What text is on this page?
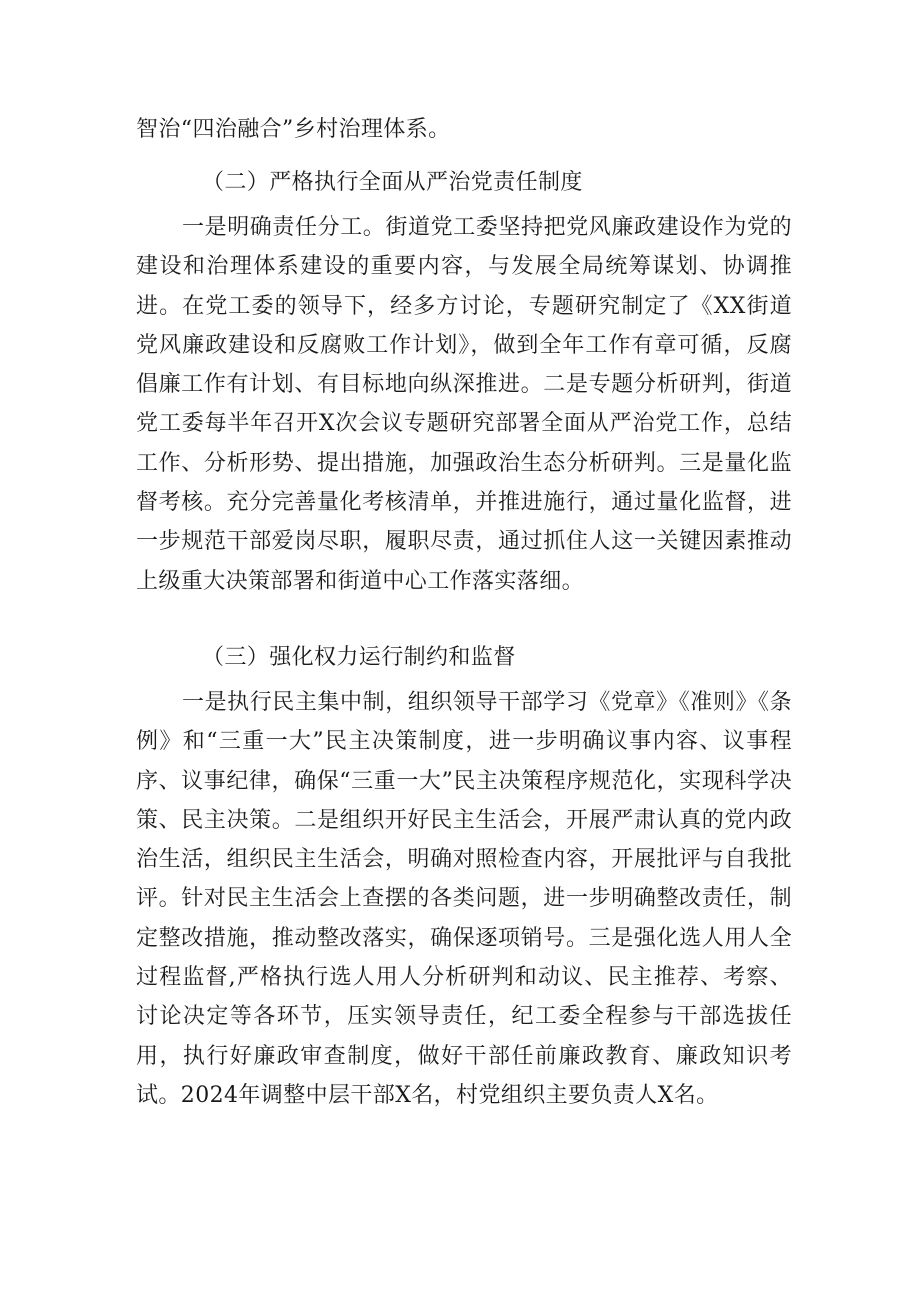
智治“四治融合”乡村治理体系。

（二）严格执行全面从严治党责任制度

一是明确责任分工。街道党工委坚持把党风廉政建设作为党的建设和治理体系建设的重要内容，与发展全局统筹谋划、协调推进。在党工委的领导下，经多方讨论，专题研究制定了《XX街道党风廉政建设和反腐败工作计划》，做到全年工作有章可循，反腐倡廉工作有计划、有目标地向纵深推进。二是专题分析研判，街道党工委每半年召开X次会议专题研究部署全面从严治党工作，总结工作、分析形势、提出措施，加强政治生态分析研判。三是量化监督考核。充分完善量化考核清单，并推进施行，通过量化监督，进一步规范干部爱岗尽职，履职尽责，通过抓住人这一关键因素推动上级重大决策部署和街道中心工作落实落细。

（三）强化权力运行制约和监督

一是执行民主集中制，组织领导干部学习《党章》《准则》《条例》和“三重一大”民主决策制度，进一步明确议事内容、议事程序、议事纪律，确保“三重一大”民主决策程序规范化，实现科学决策、民主决策。二是组织开好民主生活会，开展严肃认真的党内政治生活，组织民主生活会，明确对照检查内容，开展批评与自我批评。针对民主生活会上查摆的各类问题，进一步明确整改责任，制定整改措施，推动整改落实，确保逐项销号。三是强化选人用人全过程监督,严格执行选人用人分析研判和动议、民主推荐、考察、讨论决定等各环节，压实领导责任，纪工委全程参与干部选拔任用，执行好廉政审查制度，做好干部任前廉政教育、廉政知识考试。2024年调整中层干部X名，村党组织主要负责人X名。
